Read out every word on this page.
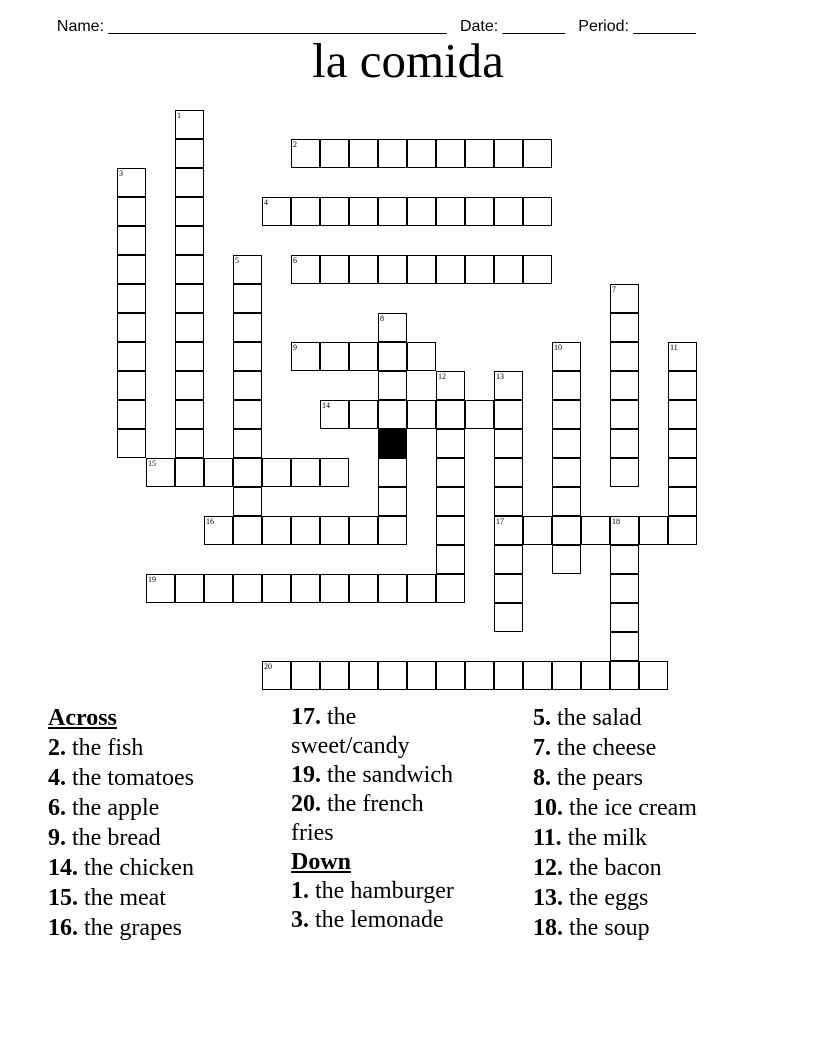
Name: ______________________________________ Date: _______ Period: _______

la comida
1
2
3
4
5	6
7
8
9	10	11
12	13
14
15
16	17	18
19
20
Across
2. the fish
4. the tomatoes
6. the apple
9. the bread
14. the chicken
15. the meat
16. the grapes
17. the
sweet/candy
19. the sandwich
20. the french
fries
Down
1. the hamburger
3. the lemonade
5. the salad
7. the cheese
8. the pears
10. the ice cream
11. the milk
12. the bacon
13. the eggs
18. the soup
